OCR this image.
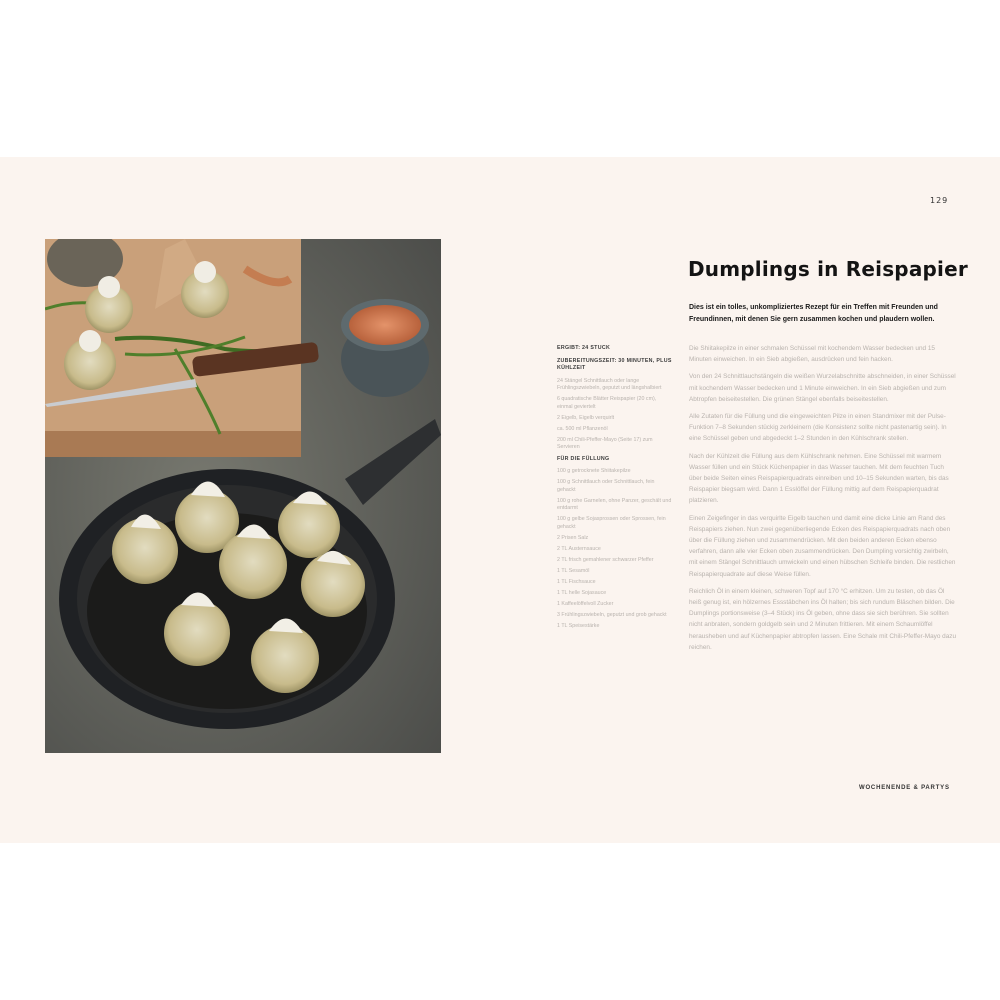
129
Dumplings in Reispapier

Dies ist ein tolles, unkompliziertes Rezept für ein Treffen mit Freunden und Freundinnen, mit denen Sie gern zusammen kochen und plaudern wollen.

ERGIBT: 24 STÜCK
ZUBEREITUNGSZEIT: 30 MINUTEN, PLUS KÜHLZEIT
24 Stängel Schnittlauch oder lange Frühlingszwiebeln, geputzt und längshalbiert
6 quadratische Blätter Reispapier (20 cm), einmal geviertelt
2 Eigelb, Eigelb verquirlt
ca. 500 ml Pflanzenöl
200 ml Chili-Pfeffer-Mayo (Seite 17) zum Servieren
FÜR DIE FÜLLUNG
100 g getrocknete Shiitakepilze
100 g Schnittlauch oder Schnittlauch, fein gehackt
100 g rohe Garnelen, ohne Panzer, geschält und entdarmt
100 g gelbe Sojasprossen oder Sprossen, fein gehackt
2 Prisen Salz
2 TL Austernsauce
2 TL frisch gemahlener schwarzer Pfeffer
1 TL Sesamöl
1 TL Fischsauce
1 TL helle Sojasauce
1 Kaffeelöffelvoll Zucker
3 Frühlingszwiebeln, geputzt und grob gehackt
1 TL Speisestärke

Die Shiitakepilze in einer schmalen Schüssel mit kochendem Wasser bedecken und 15 Minuten einweichen. In ein Sieb abgießen, ausdrücken und fein hacken.

Von den 24 Schnittlauchstängeln die weißen Wurzelabschnitte abschneiden, in einer Schüssel mit kochendem Wasser bedecken und 1 Minute einweichen. In ein Sieb abgießen und zum Abtropfen beiseitestellen. Die grünen Stängel ebenfalls beiseitestellen.

Alle Zutaten für die Füllung und die eingeweichten Pilze in einen Standmixer mit der Pulse-Funktion 7–8 Sekunden stückig zerkleinern (die Konsistenz sollte nicht pastenartig sein). In eine Schüssel geben und abgedeckt 1–2 Stunden in den Kühlschrank stellen.

Nach der Kühlzeit die Füllung aus dem Kühlschrank nehmen. Eine Schüssel mit warmem Wasser füllen und ein Stück Küchenpapier in das Wasser tauchen. Mit dem feuchten Tuch über beide Seiten eines Reispapierquadrats einreiben und 10–15 Sekunden warten, bis das Reispapier biegsam wird. Dann 1 Esslöffel der Füllung mittig auf dem Reispapierquadrat platzieren.

Einen Zeigefinger in das verquirlte Eigelb tauchen und damit eine dicke Linie am Rand des Reispapiers ziehen. Nun zwei gegenüberliegende Ecken des Reispapierquadrats nach oben über die Füllung ziehen und zusammendrücken. Mit den beiden anderen Ecken ebenso verfahren, dann alle vier Ecken oben zusammendrücken. Den Dumpling vorsichtig zwirbeln, mit einem Stängel Schnittlauch umwickeln und einen hübschen Schleife binden. Die restlichen Reispapierquadrate auf diese Weise füllen.

Reichlich Öl in einem kleinen, schweren Topf auf 170 °C erhitzen. Um zu testen, ob das Öl heiß genug ist, ein hölzernes Essstäbchen ins Öl halten; bis sich rundum Bläschen bilden. Die Dumplings portionsweise (3–4 Stück) ins Öl geben, ohne dass sie sich berühren. Sie sollten nicht anbraten, sondern goldgelb sein und 2 Minuten frittieren. Mit einem Schaumlöffel herausheben und auf Küchenpapier abtropfen lassen. Eine Schale mit Chili-Pfeffer-Mayo dazu reichen.

WOCHENENDE & PARTYS
